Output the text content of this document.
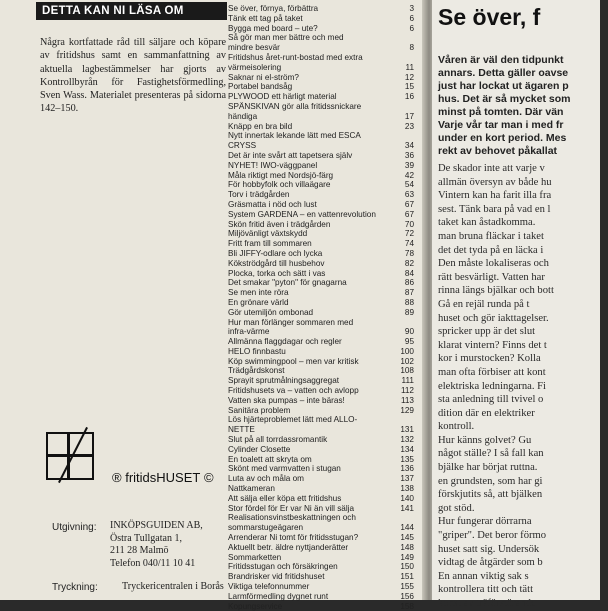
DETTA KAN NI LÄSA OM
Några kortfattade råd till säljare och köpare av fritidshus samt en sammanfattning av aktuella lagbestämmelser har gjorts av Kontrollbyrån för Fastighetsförmedling, Sven Wass. Materialet presenteras på sidorna 142–150.
® fritidsHUSET ©
Utgivning: INKÖPSGUIDEN AB,
Östra Tullgatan 1,
211 28 Malmö
Telefon 040/11 10 41
Tryckning: Tryckericentralen i Borås
Se över, förnya, förbättra	3
Tänk ett tag på taket	6
Bygga med board – ute?	6
Så gör man mer bättre och med
mindre besvär	8
Fritidshus året-runt-bostad med extra
värmeisolering	11
Saknar ni el-ström?	12
Portabel bandsåg	15
PLYWOOD ett härligt material	16
SPÄNSKIVAN gör alla fritidssnickare
händiga	17
Knäpp en bra bild	23
Nytt innertak lekande lätt med ESCA
CRYSS	34
Det är inte svårt att tapetsera själv	36
NYHET! IWO-väggpanel	39
Måla riktigt med Nordsjö-färg	42
För hobbyfolk och villaägare	54
Torv i trädgården	63
Gräsmatta i nöd och lust	67
System GARDENA – en vattenrevolution	67
Skön fritid även i trädgården	70
Miljövänligt växtskydd	72
Fritt fram till sommaren	74
Bli JIFFY-odlare och lycka	78
Kökströdgård till husbehov	82
Plocka, torka och sätt i vas	84
Det smakar "pyton" för gnagarna	86
Se men inte röra	87
En grönare värld	88
Gör utemiljön ombonad	89
Hur man förlänger sommaren med
infra-värme	90
Allmänna flaggdagar och regler	95
HELO finnbastu	100
Köp swimmingpool – men var kritisk	102
Trädgårdskonst	108
Sprayit sprutmålningsaggregat	111
Fritidshusets va – vatten och avlopp	112
Vatten ska pumpas – inte bäras!	113
Sanitära problem	129
Lös hjärteproblemet lätt med ALLO-
NETTE	131
Slut på all torrdassromantik	132
Cylinder Closette	134
En toalett att skryta om	135
Skönt med varmvatten i stugan	136
Luta av och måla om	137
Nattkameran	138
Att sälja eller köpa ett fritidshus	140
Stor fördel för Er var Ni än vill sälja	141
Realisationsvinstbeskattningen och
sommarstugeägaren	144
Arrenderar Ni tomt för fritidsstugan?	145
Aktuellt betr. äldre nyttjanderätter	148
Sommarketten	149
Fritidsstugan och försäkringen	150
Brandrisker vid fritidshuset	151
Viktiga telefonnummer	155
Larmförmedling dygnet runt	156
Kopungservice	158
Se över, f
Våren är väl den tidpunkt
annars. Detta gäller oavse
just har lockat ut ägaren p
hus. Det är så mycket som
minst på tomten. Där vän
Varje vår tar man i med fr
under en kort period. Mes
rekt av behovet påkallat
De skador inte att varje v
allmän översyn av både hu
Vintern kan ha farit illa fra
sest. Tänk bara på vad en l
taket kan åstadkomma.
man bruna fläckar i taket
det det tyda på en läcka i
Den måste lokaliseras och
rätt besvärligt. Vatten har
rinna längs bjälkar och bott
Gå en rejäl runda på t
huset och gör iakttagelser.
spricker upp är det slut
klarat vintern? Finns det t
kor i murstocken? Kolla
man ofta förbiser att kont
elektriska ledningarna. Fi
sta anledning till tvivel o
dition där en elektriker
kontroll.
Hur känns golvet? Gu
något ställe? I så fall kan
bjälke har börjat ruttna.
en grundsten, som har gi
förskjutits så, att bjälken
got stöd.
Hur fungerar dörrarna
"griper". Det beror förmo
huset satt sig. Undersök
vidtag de åtgärder som b
En annan viktig sak s
kontrollera titt och tätt
konst av träförstörande
